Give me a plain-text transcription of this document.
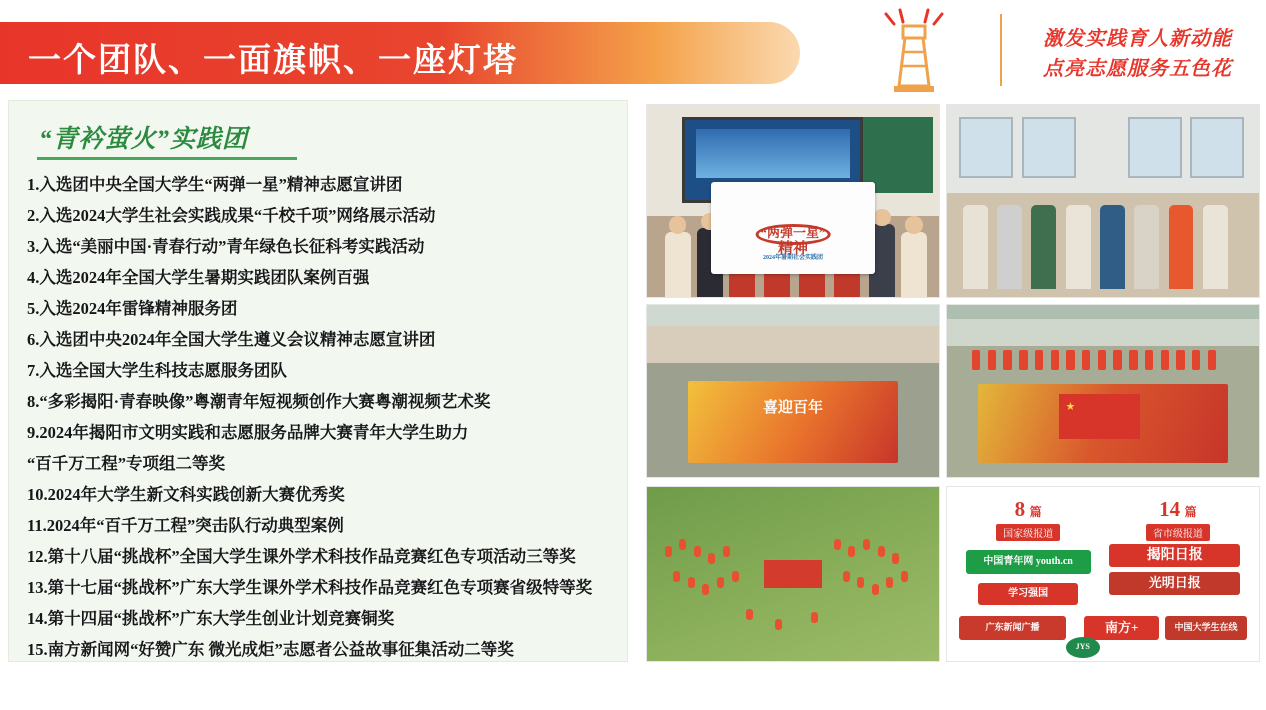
一个团队、一面旗帜、一座灯塔
激发实践育人新动能
点亮志愿服务五色花
“青衿萤火”实践团
1.入选团中央全国大学生“两弹一星”精神志愿宣讲团
2.入选2024大学生社会实践成果“千校千项”网络展示活动
3.入选“美丽中国·青春行动”青年绿色长征科考实践活动
4.入选2024年全国大学生暑期实践团队案例百强
5.入选2024年雷锋精神服务团
6.入选团中央2024年全国大学生遵义会议精神志愿宣讲团
7.入选全国大学生科技志愿服务团队
8.“多彩揭阳·青春映像”粤潮青年短视频创作大赛粤潮视频艺术奖
9.2024年揭阳市文明实践和志愿服务品牌大赛青年大学生助力
“百千万工程”专项组二等奖
10.2024年大学生新文科实践创新大赛优秀奖
11.2024年“百千万工程”突击队行动典型案例
12.第十八届“挑战杯”全国大学生课外学术科技作品竞赛红色专项活动三等奖
13.第十七届“挑战杯”广东大学生课外学术科技作品竞赛红色专项赛省级特等奖
14.第十四届“挑战杯”广东大学生创业计划竞赛铜奖
15.南方新闻网“好赞广东 微光成炬”志愿者公益故事征集活动二等奖
“两弹一星”
精神
2024年暑期社会实践团
喜迎百年	★
8 篇
国家级报道
14 篇
省市级报道
中国青年网 youth.cn	揭阳日报
光明日报
学习强国
广东新闻广播	南方+	中国大学生在线
JYS
